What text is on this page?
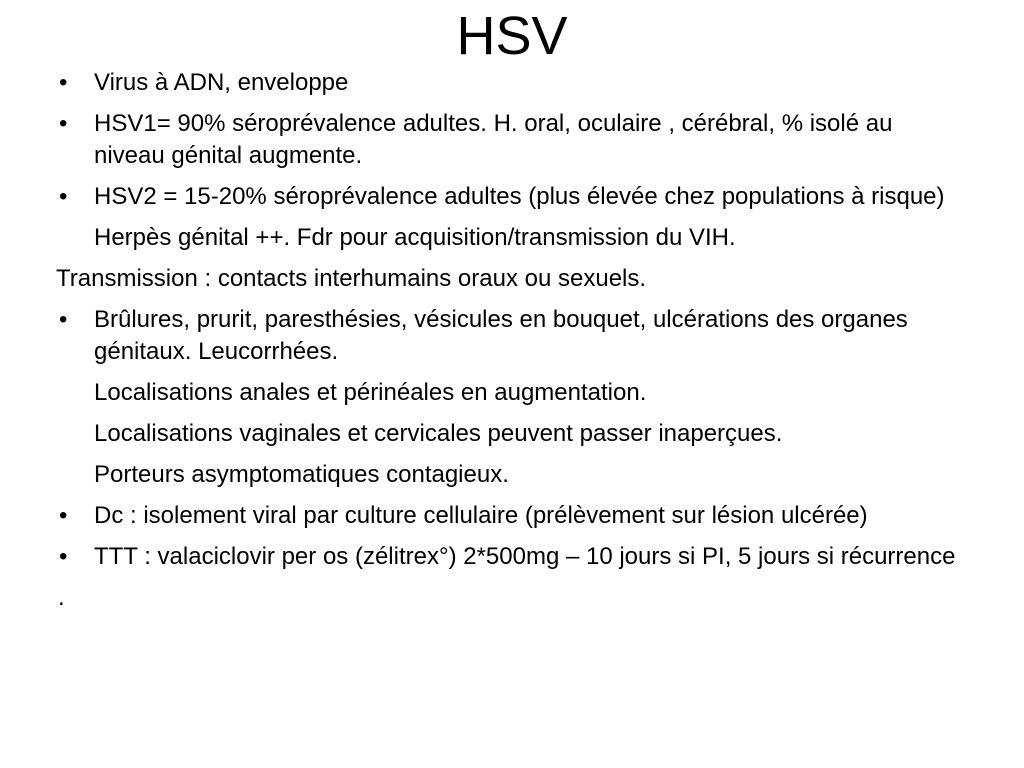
HSV
• Virus à ADN, enveloppe
• HSV1= 90% séroprévalence adultes. H. oral, oculaire , cérébral, % isolé au niveau génital augmente.
• HSV2 = 15-20% séroprévalence adultes (plus élevée chez populations à risque)
Herpès génital ++. Fdr pour acquisition/transmission du VIH.
Transmission : contacts interhumains oraux ou sexuels.
• Brûlures, prurit, paresthésies, vésicules en bouquet, ulcérations des organes génitaux. Leucorrhées.
Localisations anales et périnéales en augmentation.
Localisations vaginales et cervicales peuvent passer inaperçues.
Porteurs asymptomatiques contagieux.
• Dc : isolement viral par culture cellulaire (prélèvement sur lésion ulcérée)
• TTT : valaciclovir per os (zélitrex°) 2*500mg – 10 jours si PI, 5 jours si récurrence
.
